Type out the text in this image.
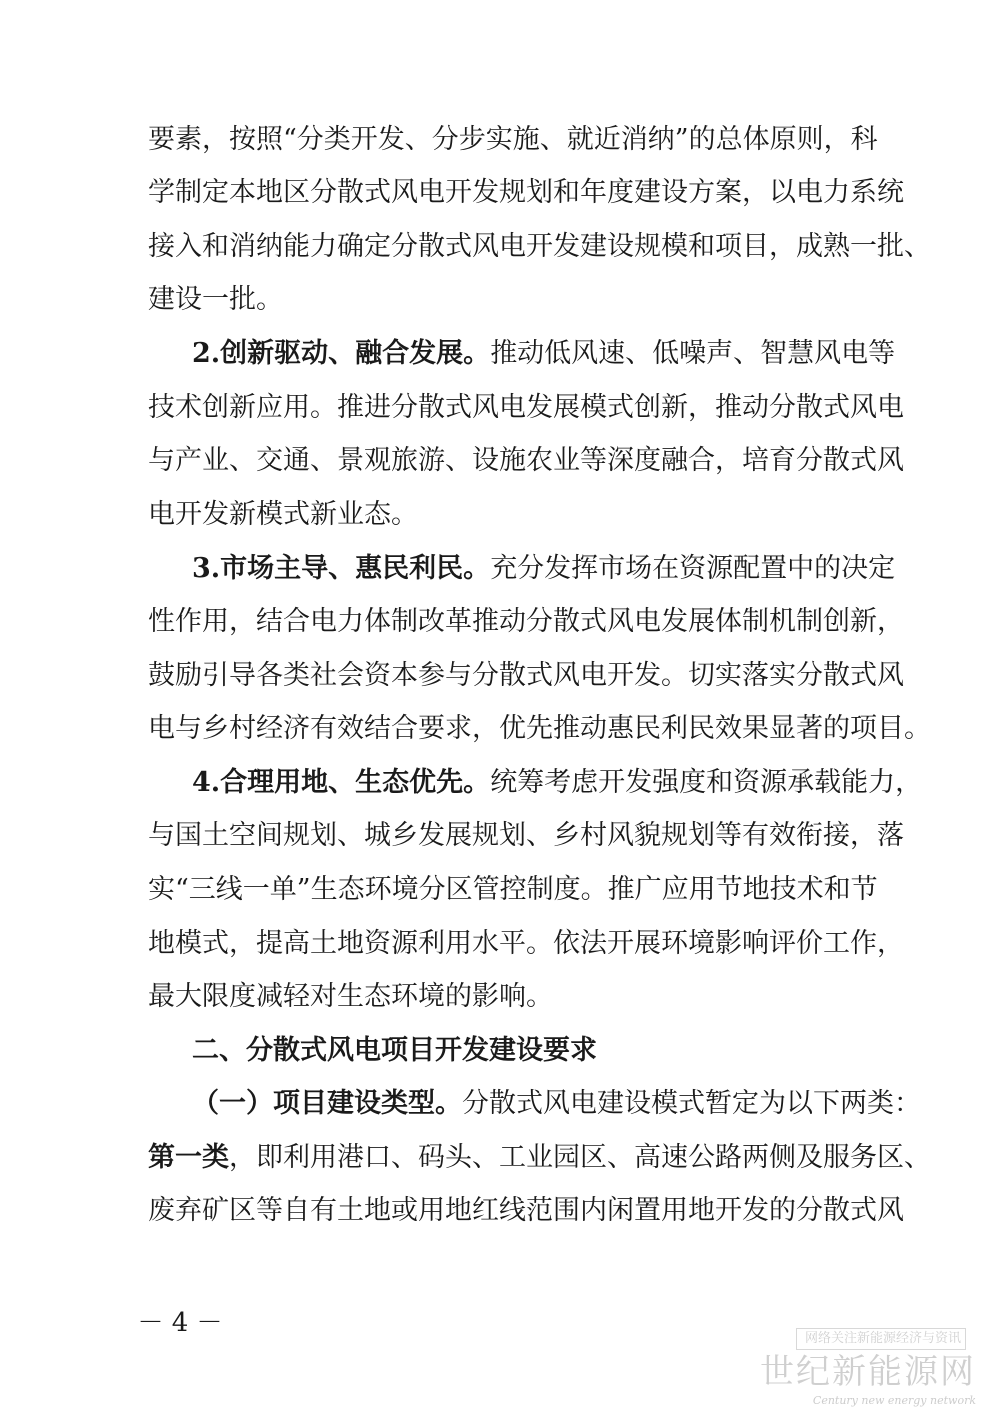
要素，按照“分类开发、分步实施、就近消纳”的总体原则，科
学制定本地区分散式风电开发规划和年度建设方案，以电力系统
接入和消纳能力确定分散式风电开发建设规模和项目，成熟一批、
建设一批。
2.创新驱动、融合发展。推动低风速、低噪声、智慧风电等
技术创新应用。推进分散式风电发展模式创新，推动分散式风电
与产业、交通、景观旅游、设施农业等深度融合，培育分散式风
电开发新模式新业态。
3.市场主导、惠民利民。充分发挥市场在资源配置中的决定
性作用，结合电力体制改革推动分散式风电发展体制机制创新，
鼓励引导各类社会资本参与分散式风电开发。切实落实分散式风
电与乡村经济有效结合要求，优先推动惠民利民效果显著的项目。
4.合理用地、生态优先。统筹考虑开发强度和资源承载能力，
与国土空间规划、城乡发展规划、乡村风貌规划等有效衔接，落
实“三线一单”生态环境分区管控制度。推广应用节地技术和节
地模式，提高土地资源利用水平。依法开展环境影响评价工作，
最大限度减轻对生态环境的影响。
二、分散式风电项目开发建设要求
（一）项目建设类型。分散式风电建设模式暂定为以下两类：
第一类，即利用港口、码头、工业园区、高速公路两侧及服务区、
废弃矿区等自有土地或用地红线范围内闲置用地开发的分散式风
－ 4 －
网络关注新能源经济与资讯
世纪新能源网
Century new energy network
